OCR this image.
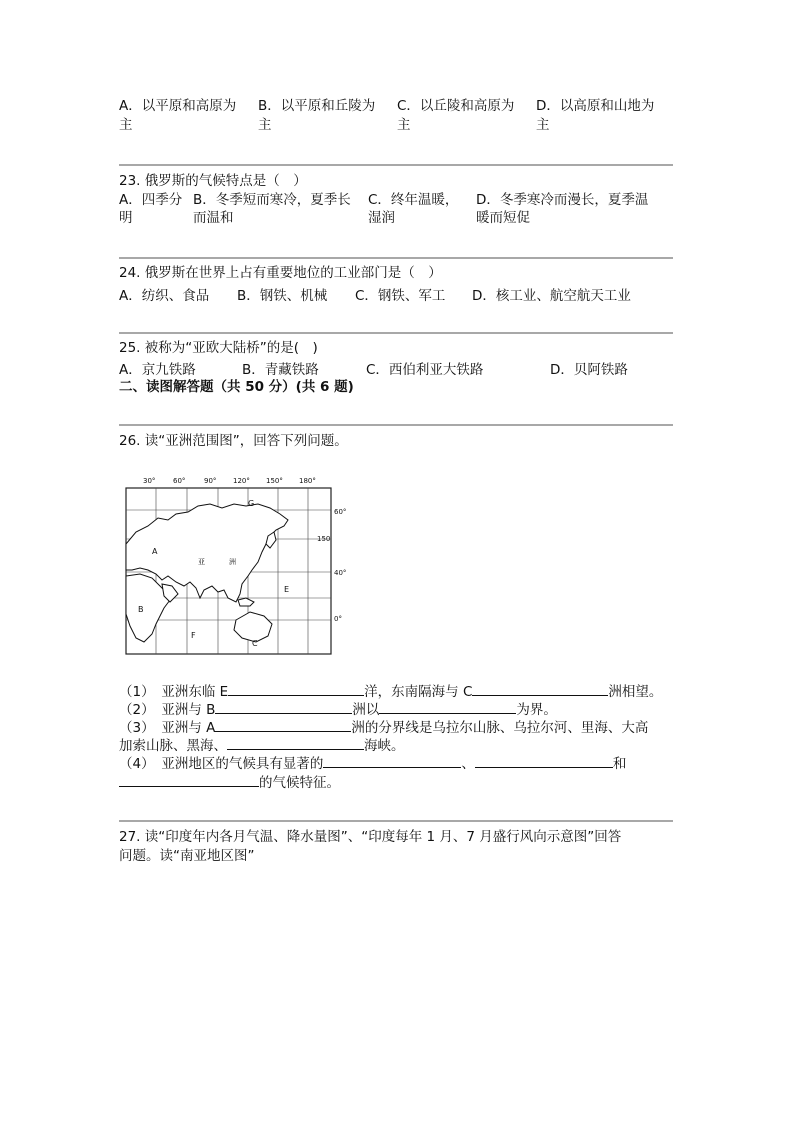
A．以平原和高原为
主
B．以平原和丘陵为
主
C．以丘陵和高原为
主
D．以高原和山地为
主
23. 俄罗斯的气候特点是（　）
A．四季分
明
B．冬季短而寒冷，夏季长
而温和
C．终年温暖，
湿润
D．冬季寒冷而漫长，夏季温
暖而短促
24. 俄罗斯在世界上占有重要地位的工业部门是（　）
A．纺织、食品 B．钢铁、机械 C．钢铁、军工 D．核工业、航空航天工业
25. 被称为“亚欧大陆桥”的是(　)
A．京九铁路	B．青藏铁路	C．西伯利亚大铁路	D．贝阿铁路
二、读图解答题（共 50 分）(共 6 题)
26. 读“亚洲范围图”，回答下列问题。
30°	60°	90° 120° 150° 180°
60°
150
40°
0°
G
A
B
E
F
C
亚	洲
（1）　亚洲东临 E	洋，东南隔海与 C	洲相望。
（2）　亚洲与 B	洲以	为界。
（3）　亚洲与 A	洲的分界线是乌拉尔山脉、乌拉尔河、里海、大高
加索山脉、黑海、	海峡。
（4）　亚洲地区的气候具有显著的	、	和
的气候特征。
27. 读“印度年内各月气温、降水量图”、“印度每年 1 月、7 月盛行风向示意图”回答
问题。读“南亚地区图”
